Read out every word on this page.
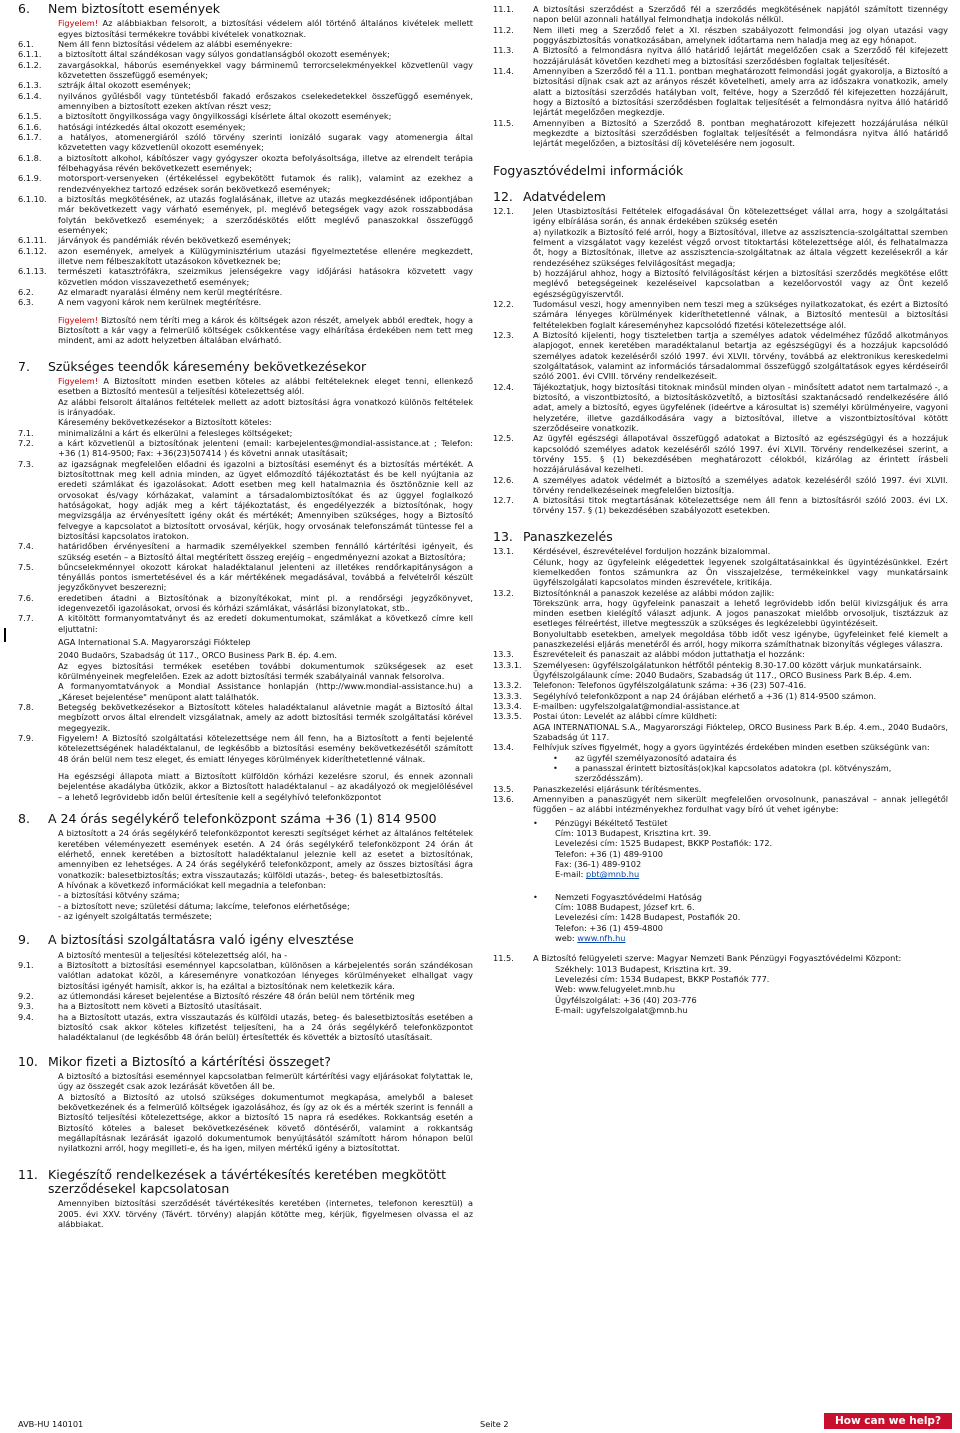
6. Nem biztosított események

Figyelem! Az alábbiakban felsorolt, a biztosítási védelem alól történő általános kivételek mellett egyes biztosítási termékekre további kivételek vonatkoznak.

6.1.	Nem áll fenn biztosítási védelem az alábbi eseményekre:
6.1.1.	a biztosított által szándékosan vagy súlyos gondatlanságból okozott események;
6.1.2.	zavargásokkal, háborús eseményekkel vagy bárminemű terrorcselekményekkel közvetlenül vagy közvetetten összefüggő események;
6.1.3.	sztrájk által okozott események;
6.1.4.	nyilvános gyűlésből vagy tüntetésből fakadó erőszakos cselekedetekkel összefüggő események, amennyiben a biztosított ezeken aktívan részt vesz;
6.1.5.	a biztosított öngyilkossága vagy öngyilkossági kísérlete által okozott események;
6.1.6.	hatósági intézkedés által okozott események;
6.1.7.	a hatályos, atomenergiáról szóló törvény szerinti ionizáló sugarak vagy atomenergia által közvetetten vagy közvetlenül okozott események;
6.1.8.	a biztosított alkohol, kábítószer vagy gyógyszer okozta befolyásoltsága, illetve az elrendelt terápia félbehagyása révén bekövetkezett események;
6.1.9.	motorsport-versenyeken (értékeléssel egybekötött futamok és ralik), valamint az ezekhez a rendezvényekhez tartozó edzések során bekövetkező események;
6.1.10.	a biztosítás megkötésének, az utazás foglalásának, illetve az utazás megkezdésének időpontjában már bekövetkezett vagy várható események, pl. meglévő betegségek vagy azok rosszabbodása folytán bekövetkező események; a szerződéskötés előtt meglévő panaszokkal összefüggő események;
6.1.11.	járványok és pandémiák révén bekövetkező események;
6.1.12.	azon események, amelyek a Külügyminisztérium utazási figyelmeztetése ellenére megkezdett, illetve nem félbeszakított utazásokon következnek be;
6.1.13.	természeti katasztrófákra, szeizmikus jelenségekre vagy időjárási hatásokra közvetett vagy közvetlen módon visszavezethető események;
6.2.	Az elmaradt nyaralási élmény nem kerül megtérítésre.
6.3.	A nem vagyoni károk nem kerülnek megtérítésre.

Figyelem! Biztosító nem téríti meg a károk és költségek azon részét, amelyek abból eredtek, hogy a Biztosított a kár vagy a felmerülő költségek csökkentése vagy elhárítása érdekében nem tett meg mindent, ami az adott helyzetben általában elvárható.

7. Szükséges teendők káresemény bekövetkezésekor

Figyelem! A Biztosított minden esetben köteles az alábbi feltételeknek eleget tenni, ellenkező esetben a Biztosító mentesül a teljesítési kötelezettség alól.

Az alábbi felsorolt általános feltételek mellett az adott biztosítási ágra vonatkozó különös feltételek is irányadóak.

Káresemény bekövetkezésekor a Biztosított köteles:

7.1.	minimalizálni a kárt és elkerülni a felesleges költségeket;
7.2.	a kárt közvetlenül a biztosítónak jelenteni (email: karbejelentes@mondial-assistance.at ; Telefon: +36 (1) 814-9500; Fax: +36(23)507414 ) és követni annak utasításait;
7.3.	az igazságnak megfelelően előadni és igazolni a biztosítási eseményt és a biztosítás mértékét. A biztosítottnak meg kell adnia minden, az ügyet előmozdító tájékoztatást és be kell nyújtania az eredeti számlákat és igazolásokat. Adott esetben meg kell hatalmaznia és ösztönöznie kell az orvosokat és/vagy kórházakat, valamint a társadalombiztosítókat és az üggyel foglalkozó hatóságokat, hogy adják meg a kért tájékoztatást, és engedélyezzék a biztosítónak, hogy megvizsgálja az érvényesített igény okát és mértékét; Amennyiben szükséges, hogy a Biztosító felvegye a kapcsolatot a biztosított orvosával, kérjük, hogy orvosának telefonszámát tüntesse fel a biztosítási kapcsolatos iratokon.
7.4.	határidőben érvényesíteni a harmadik személyekkel szemben fennálló kártérítési igényeit, és szükség esetén – a Biztosító által megtérített összeg erejéig – engedményezni azokat a Biztosítóra;
7.5.	bűncselekménnyel okozott károkat haladéktalanul jelenteni az illetékes rendőrkapitányságon a tényállás pontos ismertetésével és a kár mértékének megadásával, továbbá a felvételről készült jegyzőkönyvet beszerezni;
7.6.	eredetiben átadni a Biztosítónak a bizonyítékokat, mint pl. a rendőrségi jegyzőkönyvet, idegenvezetői igazolásokat, orvosi és kórházi számlákat, vásárlási bizonylatokat, stb..
7.7.	A kitöltött formanyomtatványt és az eredeti dokumentumokat, számlákat a következő címre kell eljuttatni:

AGA International S.A. Magyarországi Fióktelep

2040 Budaörs, Szabadság út 117., ORCO Business Park B. ép. 4.em.

Az egyes biztosítási termékek esetében további dokumentumok szükségesek az eset körülményeinek megfelelően. Ezek az adott biztosítási termék szabályainál vannak felsorolva.

A formanyomtatványok a Mondial Assistance honlapján (http://www.mondial-assistance.hu) a „Káreset bejelentése" menüpont alatt találhatók.

7.8.	Betegség bekövetkezésekor a Biztosított köteles haladéktalanul alávetnie magát a Biztosító által megbízott orvos által elrendelt vizsgálatnak, amely az adott biztosítási termék szolgáltatási körével megegyezik.
7.9.	Figyelem! A Biztosító szolgáltatási kötelezettsége nem áll fenn, ha a Biztosított a fenti bejelenté kötelezettségének haladéktalanul, de legkésőbb a biztosítási esemény bekövetkezésétől számított 48 órán belül nem tesz eleget, és emiatt lényeges körülmények kideríthetetlenné válnak.

Ha egészségi állapota miatt a Biztosított külföldön kórházi kezelésre szorul, és ennek azonnali bejelentése akadályba ütközik, akkor a Biztosított haladéktalanul – az akadályozó ok megjelölésével – a lehető legrövidebb időn belül értesítenie kell a segélyhívó telefonközpontot

8. A 24 órás segélykérő telefonközpont száma +36 (1) 814 9500

A biztosított a 24 órás segélykérő telefonközpontot kereszti segítséget kérhet az általános feltételek keretében véleményezett események esetén. A 24 órás segélykérő telefonközpont 24 órán át elérhető, ennek keretében a biztosított haladéktalanul jeleznie kell az esetet a biztosítónak, amennyiben ez lehetséges. A 24 órás segélykérő telefonközpont, amely az összes biztosítási ágra vonatkozik: balesetbiztosítás; extra visszautazás; külföldi utazás-, beteg- és balesetbiztosítás.

A hívónak a következő információkat kell megadnia a telefonban:

- a biztosítási kötvény száma;
- a biztosított neve; születési dátuma; lakcíme, telefonos elérhetősége;
- az igényelt szolgáltatás természete;
9. A biztosítási szolgáltatásra való igény elvesztése

A biztosító mentesül a teljesítési kötelezettség alól, ha -

9.1.	a Biztosított a biztosítási eseménnyel kapcsolatban, különösen a kárbejelentés során szándékosan valótlan adatokat közöl, a káreseményre vonatkozóan lényeges körülményeket elhallgat vagy biztosítási igényét hamisít, akkor is, ha ezáltal a biztosítónak nem keletkezik kára.
9.2.	az útlemondási káreset bejelentése a Biztosító részére 48 órán belül nem történik meg
9.3.	ha a Biztosított nem követi a Biztosító utasításait.
9.4.	ha a Biztosított utazás, extra visszautazás és külföldi utazás, beteg- és balesetbiztosítás esetében a biztosító csak akkor köteles kifizetést teljesíteni, ha a 24 órás segélykérő telefonközpontot haladéktalanul (de legkésőbb 48 órán belül) értesítették és követték a biztosító utasításait.
10. Mikor fizeti a Biztosító a kártérítési összeget?

A biztosító a biztosítási eseménnyel kapcsolatban felmerült kártérítési vagy eljárásokat folytattak le, úgy az összegét csak azok lezárását követően áll be.

A biztosító a Biztosító az utolsó szükséges dokumentumot megkapása, amelyből a baleset bekövetkezének és a felmerülő költségek igazolásához, és így az ok és a mérték szerint is fennáll a Biztosító teljesítési kötelezettsége, akkor a biztosító 15 napra rá esedékes. Rokkantság esetén a Biztosító köteles a baleset bekövetkezésének követő döntéséről, valamint a rokkantság megállapításnak lezárását igazoló dokumentumok benyújtásától számított három hónapon belül nyilatkozni arról, hogy megilleti-e, és ha igen, milyen mértékű igény a biztosítottat.

11. Kiegészítő rendelkezések a távértékesítés keretében megkötött szerződésekel kapcsolatosan

Amennyiben biztosítási szerződését távértékesítés keretében (internetes, telefonon keresztül) a 2005. évi XXV. törvény (Távért. törvény) alapján kötötte meg, kérjük, figyelmesen olvassa el az alábbiakat.

11.1.	A biztosítási szerződést a Szerződő fél a szerződés megkötésének napjától számított tizennégy napon belül azonnali hatállyal felmondhatja indokolás nélkül.
11.2.	Nem illeti meg a Szerződő felet a XI. részben szabályozott felmondási jog olyan utazási vagy poggyászbiztosítás vonatkozásában, amelynek időtartama nem haladja meg az egy hónapot.
11.3.	A Biztosító a felmondásra nyitva álló határidő lejártát megelőzően csak a Szerződő fél kifejezett hozzájárulását követően kezdheti meg a biztosítási szerződésben foglaltak teljesítését.
11.4.	Amennyiben a Szerződő fél a 11.1. pontban meghatározott felmondási jogát gyakorolja, a Biztosító a biztosítási díjnak csak azt az arányos részét követelheti, amely arra az időszakra vonatkozik, amely alatt a biztosítási szerződés hatályban volt, feltéve, hogy a Szerződő fél kifejezetten hozzájárult, hogy a Biztosító a biztosítási szerződésben foglaltak teljesítését a felmondásra nyitva álló határidő lejártát megelőzően megkezdje.
11.5.	Amennyiben a Biztosító a Szerződő 8. pontban meghatározott kifejezett hozzájárulása nélkül megkezdte a biztosítási szerződésben foglaltak teljesítését a felmondásra nyitva álló határidő lejártát megelőzően, a biztosítási díj követelésére nem jogosult.
Fogyasztóvédelmi információk
12. Adatvédelem
12.1.	Jelen Utasbiztosítási Feltételek elfogadásával Ön kötelezettséget vállal arra, hogy a szolgáltatási igény elbírálása során, és annak érdekében szükség esetén
a) nyilatkozik a Biztosító felé arról, hogy a Biztosítóval, illetve az asszisztencia-szolgáltattal szemben felment a vizsgálatot vagy kezelést végző orvost titoktartási kötelezettsége alól, és felhatalmazza őt, hogy a Biztosítónak, illetve az asszisztencia-szolgáltatnak az általa végzett kezelésekről a kár rendezéséhez szükséges felvilágosítást megadja;
b) hozzájárul ahhoz, hogy a Biztosító felvilágosítást kérjen a biztosítási szerződés megkötése előtt meglévő betegségeinek kezeléseivel kapcsolatban a kezelőorvostól vagy az Önt kezelő egészségügyiszervtől.
12.2.	Tudomásul veszi, hogy amennyiben nem teszi meg a szükséges nyilatkozatokat, és ezért a Biztosító számára lényeges körülmények kideríthetetlenné válnak, a Biztosító mentesül a biztosítási feltételekben foglalt káreseményhez kapcsolódó fizetési kötelezettsége alól.
12.3.	A Biztosító kijelenti, hogy tiszteletben tartja a személyes adatok védelméhez fűződő alkotmányos alapjogot, ennek keretében maradéktalanul betartja az egészségügyi és a hozzájuk kapcsolódó személyes adatok kezeléséről szóló 1997. évi XLVII. törvény, továbbá az elektronikus kereskedelmi szolgáltatások, valamint az információs társadalommal összefüggő szolgáltatások egyes kérdéseiről szóló 2001. évi CVIII. törvény rendelkezéseit.
12.4.	Tájékoztatjuk, hogy biztosítási titoknak minősül minden olyan - minősített adatot nem tartalmazó -, a biztosító, a viszontbiztosító, a biztosításközvetítő, a biztosítási szaktanácsadó rendelkezésére álló adat, amely a biztosító, egyes ügyfelének (ideértve a károsultat is) személyi körülményeire, vagyoni helyzetére, illetve gazdálkodására vagy a biztosítóval, illetve a viszontbiztosítóval kötött szerződéseire vonatkozik.
12.5.	Az ügyfél egészségi állapotával összefüggő adatokat a Biztosító az egészségügyi és a hozzájuk kapcsolódó személyes adatok kezeléséről szóló 1997. évi XLVII. Törvény rendelkezései szerint, a törvény 155. § (1) bekezdésében meghatározott célokból, kizárólag az érintett írásbeli hozzájárulásával kezelheti.
12.6.	A személyes adatok védelmét a biztosító a személyes adatok kezeléséről szóló 1997. évi XLVII. törvény rendelkezéseinek megfelelően biztosítja.
12.7.	A biztosítási titok megtartásának kötelezettsége nem áll fenn a biztosításról szóló 2003. évi LX. törvény 157. § (1) bekezdésében szabályozott esetekben.
13. Panaszkezelés
13.1.	Kérdésével, észrevételével forduljon hozzánk bizalommal.
Célunk, hogy az ügyfeleink elégedettek legyenek szolgáltatásainkkal és ügyintézésünkkel. Ezért kiemelkedően fontos számunkra az Ön visszajelzése, termékeinkkel vagy munkatársaink ügyfélszolgálati kapcsolatos minden észrevétele, kritikája.
13.2.	Biztosítónknál a panaszok kezelése az alábbi módon zajlik:
Törekszünk arra, hogy ügyfeleink panaszait a lehető legrövidebb időn belül kivizsgáljuk és arra minden esetben kielégítő választ adjunk. A jogos panaszokat mielőbb orvosoljuk, tisztázzuk az esetleges félreértést, illetve megtesszük a szükséges és legkézelebbi ügyintézéseit.
Bonyolultabb esetekben, amelyek megoldása több időt vesz igénybe, ügyfeleinket felé kiemelt a panaszkezelési eljárás menetéről és arról, hogy mikorra számíthatnak bizonyítás végleges válaszra.
13.3.	Észrevételeit és panaszait az alábbi módon juttathatja el hozzánk:
13.3.1.	Személyesen: ügyfélszolgálatunkon hétfőtől péntekig 8.30-17.00 között várjuk munkatársaink.
Ügyfélszolgálaunk címe: 2040 Budaörs, Szabadság út 117., ORCO Business Park B.ép. 4.em.
13.3.2.	Telefonon: Telefonos ügyfélszolgálatunk száma: +36 (23) 507-416.
13.3.3.	Segélyhívó telefonközpont a nap 24 órájában elérhető a +36 (1) 814-9500 számon.
13.3.4.	E-mailben: ugyfelszolgalat@mondial-assistance.at
13.3.5.	Postai úton: Levelét az alábbi címre küldheti:
AGA INTERNATIONAL S.A., Magyarországi Fióktelep, ORCO Business Park B.ép. 4.em., 2040 Budaörs, Szabadság út 117.
13.4.	Felhívjuk szíves figyelmét, hogy a gyors ügyintézés érdekében minden esetben szükségünk van:
•	az ügyfél személyazonosító adataira és
•	a panasszal érintett biztosítás(ok)kal kapcsolatos adatokra (pl. kötvényszám, szerződésszám).
13.5.	Panaszkezelési eljárásunk térítésmentes.
13.6.	Amennyiben a panaszügyét nem sikerült megfelelően orvosolnunk, panaszával – annak jellegétől függően – az alábbi intézményekhez fordulhat vagy bíró út vehet igénybe:
•	Pénzügyi Békéltető Testület
Cím: 1013 Budapest, Krisztina krt. 39.
Levelezési cím: 1525 Budapest, BKKP Postafiók: 172.
Telefon: +36 (1) 489-9100
Fax: (36-1) 489-9102
E-mail: pbt@mnb.hu
•	Nemzeti Fogyasztóvédelmi Hatóság
Cím: 1088 Budapest, József krt. 6.
Levelezési cím: 1428 Budapest, Postafiók 20.
Telefon: +36 (1) 459-4800
web: www.nfh.hu
11.5.	A Biztosító felügyeleti szerve: Magyar Nemzeti Bank Pénzügyi Fogyasztóvédelmi Központ:
Székhely: 1013 Budapest, Krisztina krt. 39.
Levelezési cím: 1534 Budapest, BKKP Postafiók 777.
Web: www.felugyelet.mnb.hu
Ügyfélszolgálat: +36 (40) 203-776
E-mail: ugyfelszolgalat@mnb.hu
AVB-HU 140101	Seite 2	How can we help?
